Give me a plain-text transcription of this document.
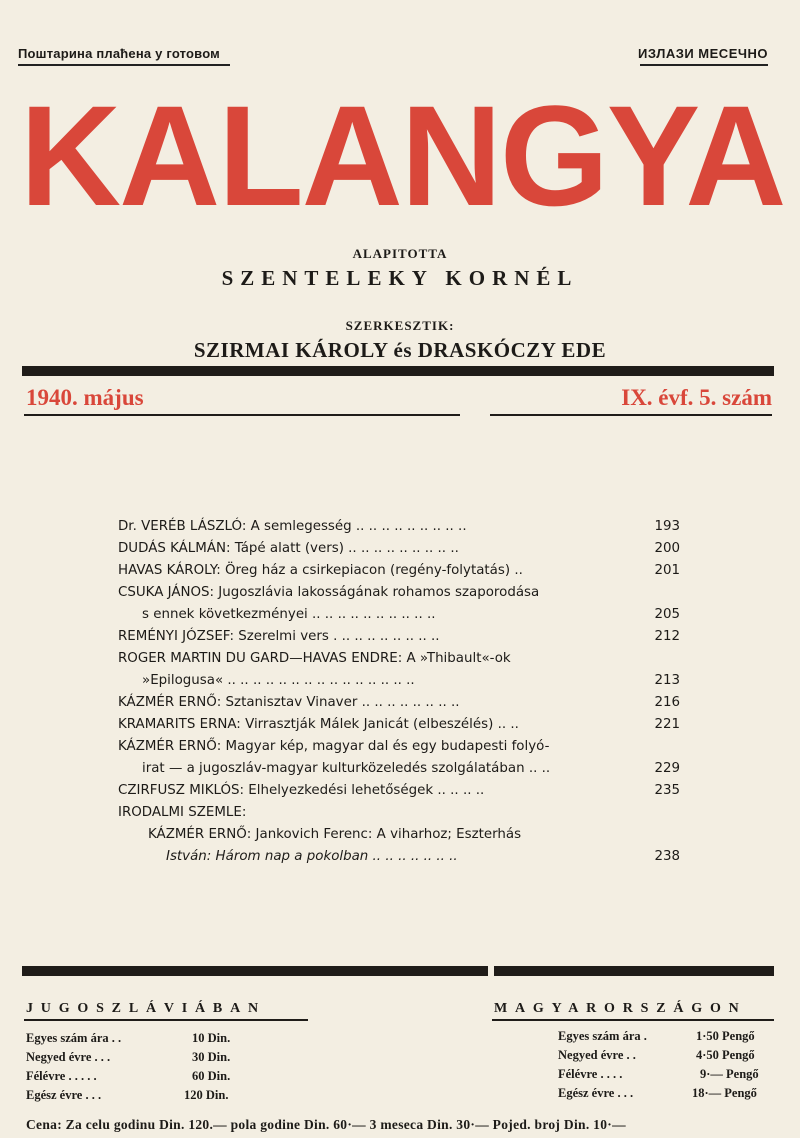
Поштарина плаћена у готовом	ИЗЛАЗИ МЕСЕЧНО
KALANGYA
ALAPITOTTA
SZENTELEKY KORNÉL
SZERKESZTIK:
SZIRMAI KÁROLY és DRASKÓCZY EDE
1940. május	IX. évf. 5. szám
Dr. VERÉB LÁSZLÓ: A semlegesség .. .. .. .. .. .. .. .. ..	193
DUDÁS KÁLMÁN: Tápé alatt (vers) .. .. .. .. .. .. .. .. ..	200
HAVAS KÁROLY: Öreg ház a csirkepiacon (regény-folytatás) ..	201
CSUKA JÁNOS: Jugoszlávia lakosságának rohamos szaporodása
s ennek következményei .. .. .. .. .. .. .. .. .. ..	205
REMÉNYI JÓZSEF: Szerelmi vers . .. .. .. .. .. .. .. ..	212
ROGER MARTIN DU GARD—HAVAS ENDRE: A »Thibault«-ok
»Epilogusa« .. .. .. .. .. .. .. .. .. .. .. .. .. .. ..	213
KÁZMÉR ERNŐ: Sztanisztav Vinaver .. .. .. .. .. .. .. ..	216
KRAMARITS ERNA: Virrasztják Málek Janicát (elbeszélés) .. ..	221
KÁZMÉR ERNŐ: Magyar kép, magyar dal és egy budapesti folyó-
irat — a jugoszláv-magyar kulturközeledés szolgálatában .. ..	229
CZIRFUSZ MIKLÓS: Elhelyezkedési lehetőségek .. .. .. ..	235
IRODALMI SZEMLE:
KÁZMÉR ERNŐ: Jankovich Ferenc: A viharhoz; Eszterhás
István: Három nap a pokolban .. .. .. .. .. .. ..	238
JUGOSZLÁVIÁBAN	MAGYARORSZÁGON
Egyes szám ára . .	10 Din.
Negyed évre . . .	30 Din.
Félévre . . . . .	60 Din.
Egész évre . . .	120 Din.
Egyes szám ára .	1·50 Pengő
Negyed évre . .	4·50 Pengő
Félévre . . . .	9·— Pengő
Egész évre . . .	18·— Pengő
Cena: Za celu godinu Din. 120.— pola godine Din. 60·— 3 meseca Din. 30·— Pojed. broj Din. 10·—
